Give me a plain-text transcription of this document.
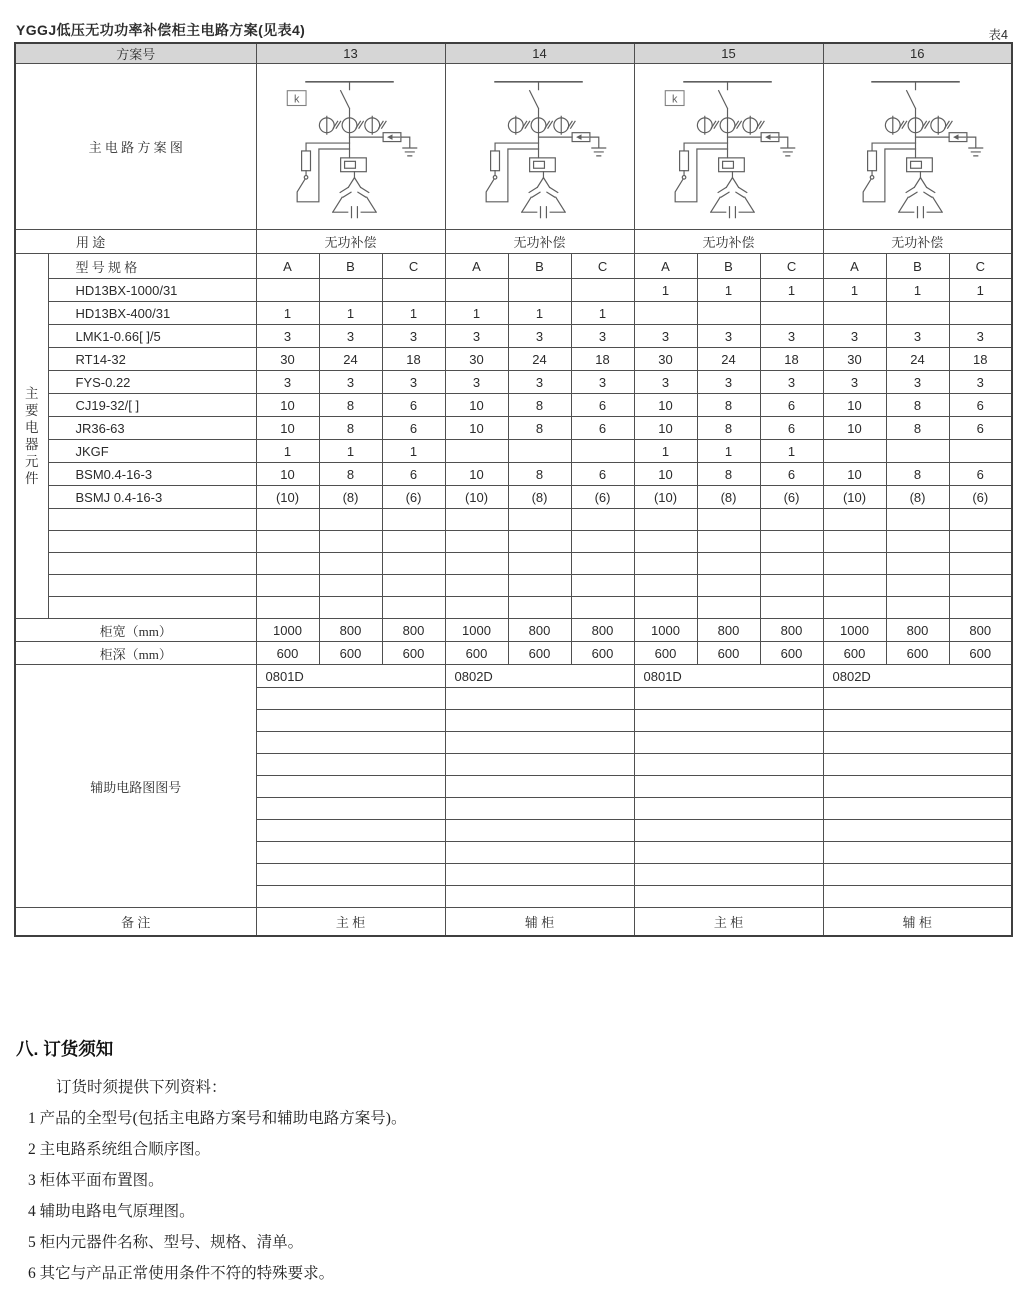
YGGJ低压无功功率补偿柜主电路方案(见表4)	表4
方案号		13			14			15			16		
主 电 路 方 案 图		k						k

用 途		无功补偿			无功补偿			无功补偿			无功补偿		

主
要
电
器
元
件
	型 号 规 格	A	B	C	A	B	C	A	B	C	A	B	C
	HD13BX-1000/31							1	1	1	1	1	1
	HD13BX-400/31	1	1	1	1	1	1						
	LMK1-0.66[ ]/5	3	3	3	3	3	3	3	3	3	3	3	3
	RT14-32	30	24	18	30	24	18	30	24	18	30	24	18
	FYS-0.22	3	3	3	3	3	3	3	3	3	3	3	3
	CJ19-32/[ ]	10	8	6	10	8	6	10	8	6	10	8	6
	JR36-63	10	8	6	10	8	6	10	8	6	10	8	6
	JKGF	1	1	1				1	1	1			
	BSM0.4-16-3	10	8	6	10	8	6	10	8	6	10	8	6
	BSMJ 0.4-16-3	(10)	(8)	(6)	(10)	(8)	(6)	(10)	(8)	(6)	(10)	(8)	(6)

柜宽（mm）		1000	800	800	1000	800	800	1000	800	800	1000	800	800
柜深（mm）		600	600	600	600	600	600	600	600	600	600	600	600
辅助电路图图号		0801D			0802D			0801D			0802D		

备 注		主 柜			辅 柜			主 柜			辅 柜		
八. 订货须知
订货时须提供下列资料：
1 产品的全型号(包括主电路方案号和辅助电路方案号)。
2 主电路系统组合顺序图。
3 柜体平面布置图。
4 辅助电路电气原理图。
5 柜内元器件名称、型号、规格、清单。
6 其它与产品正常使用条件不符的特殊要求。
